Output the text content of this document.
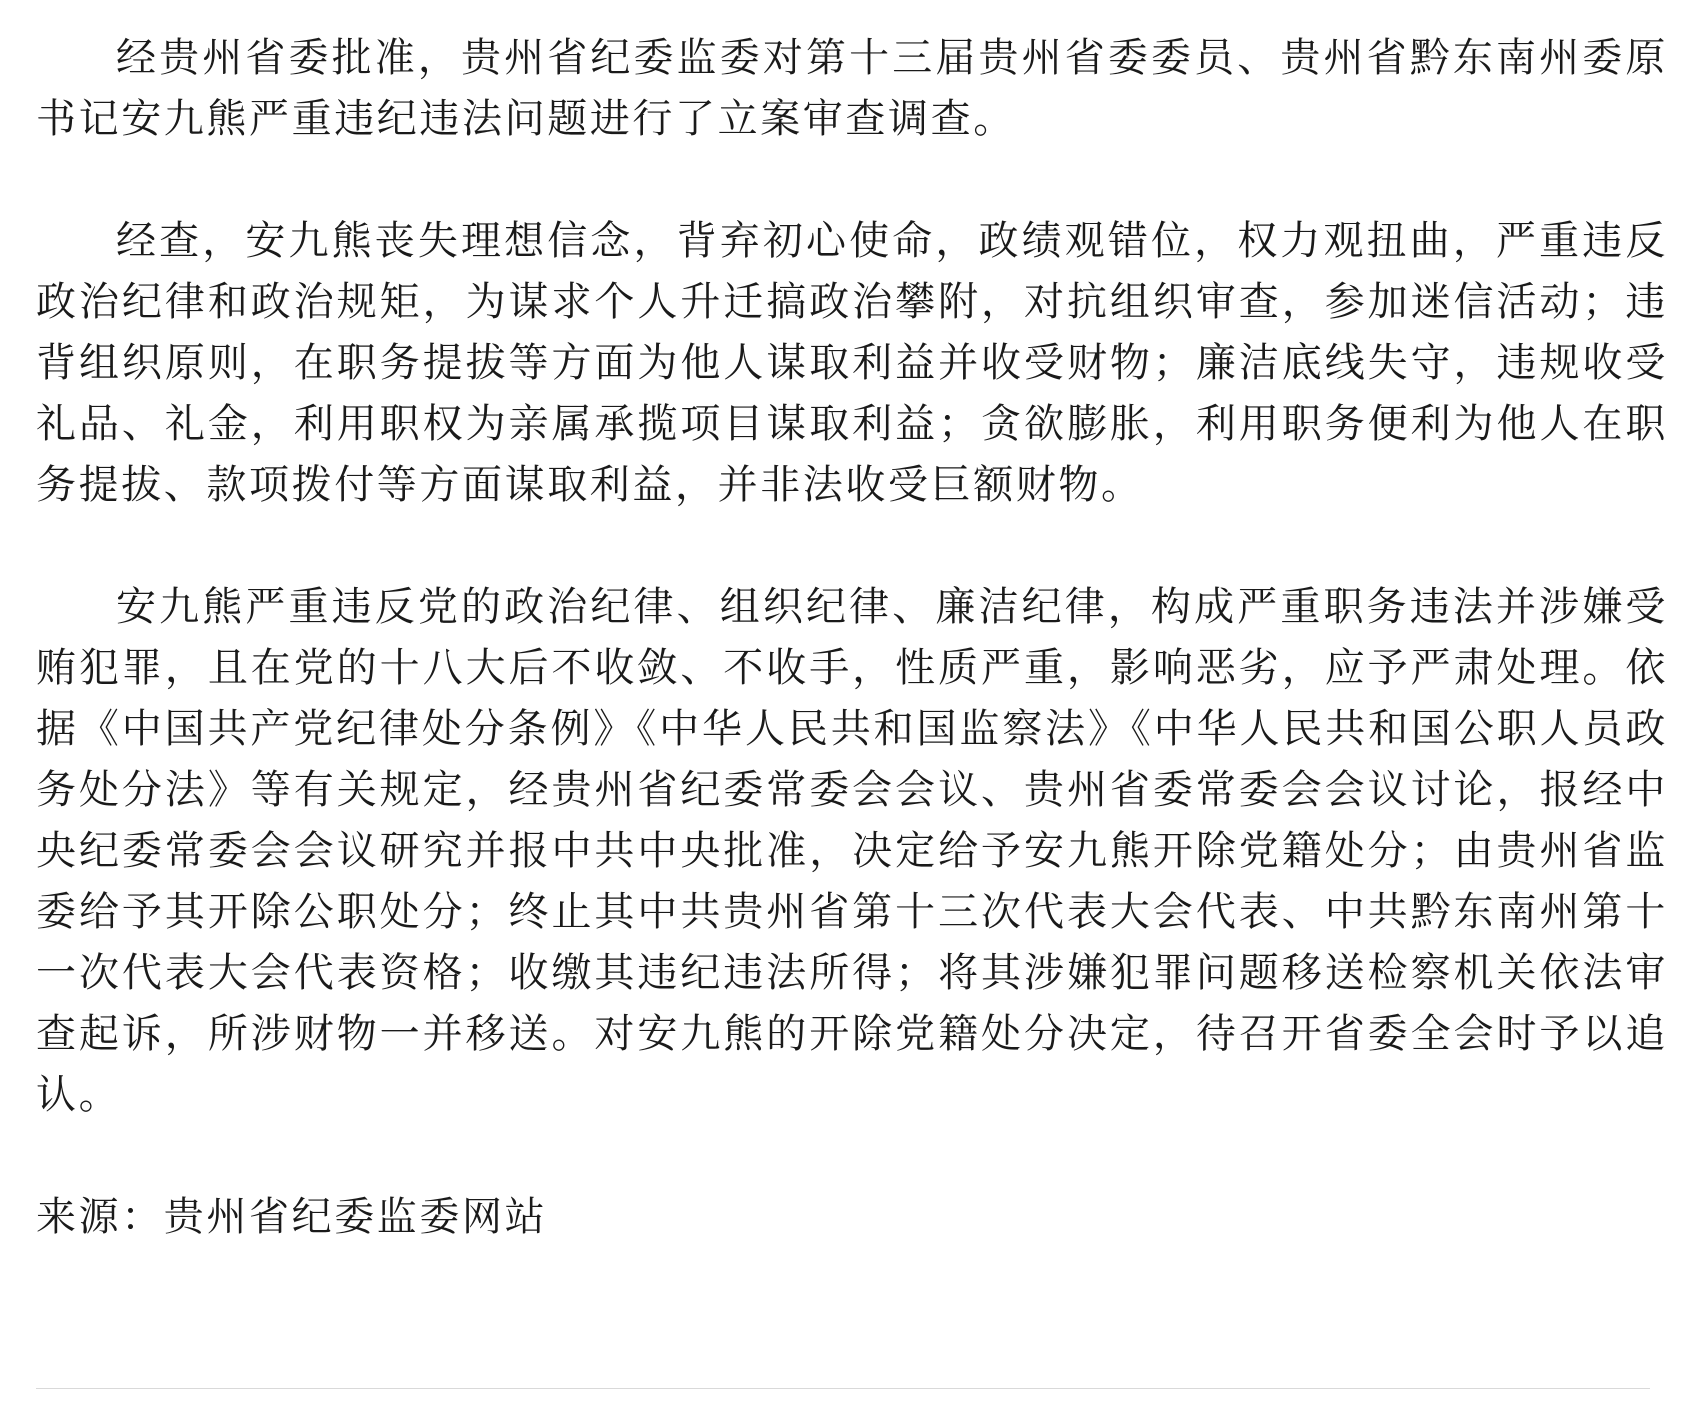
经贵州省委批准，贵州省纪委监委对第十三届贵州省委委员、贵州省黔东南州委原书记安九熊严重违纪违法问题进行了立案审查调查。

经查，安九熊丧失理想信念，背弃初心使命，政绩观错位，权力观扭曲，严重违反政治纪律和政治规矩，为谋求个人升迁搞政治攀附，对抗组织审查，参加迷信活动；违背组织原则，在职务提拔等方面为他人谋取利益并收受财物；廉洁底线失守，违规收受礼品、礼金，利用职权为亲属承揽项目谋取利益；贪欲膨胀，利用职务便利为他人在职务提拔、款项拨付等方面谋取利益，并非法收受巨额财物。

安九熊严重违反党的政治纪律、组织纪律、廉洁纪律，构成严重职务违法并涉嫌受贿犯罪，且在党的十八大后不收敛、不收手，性质严重，影响恶劣，应予严肃处理。依据《中国共产党纪律处分条例》《中华人民共和国监察法》《中华人民共和国公职人员政务处分法》等有关规定，经贵州省纪委常委会会议、贵州省委常委会会议讨论，报经中央纪委常委会会议研究并报中共中央批准，决定给予安九熊开除党籍处分；由贵州省监委给予其开除公职处分；终止其中共贵州省第十三次代表大会代表、中共黔东南州第十一次代表大会代表资格；收缴其违纪违法所得；将其涉嫌犯罪问题移送检察机关依法审查起诉，所涉财物一并移送。对安九熊的开除党籍处分决定，待召开省委全会时予以追认。

来源：贵州省纪委监委网站
